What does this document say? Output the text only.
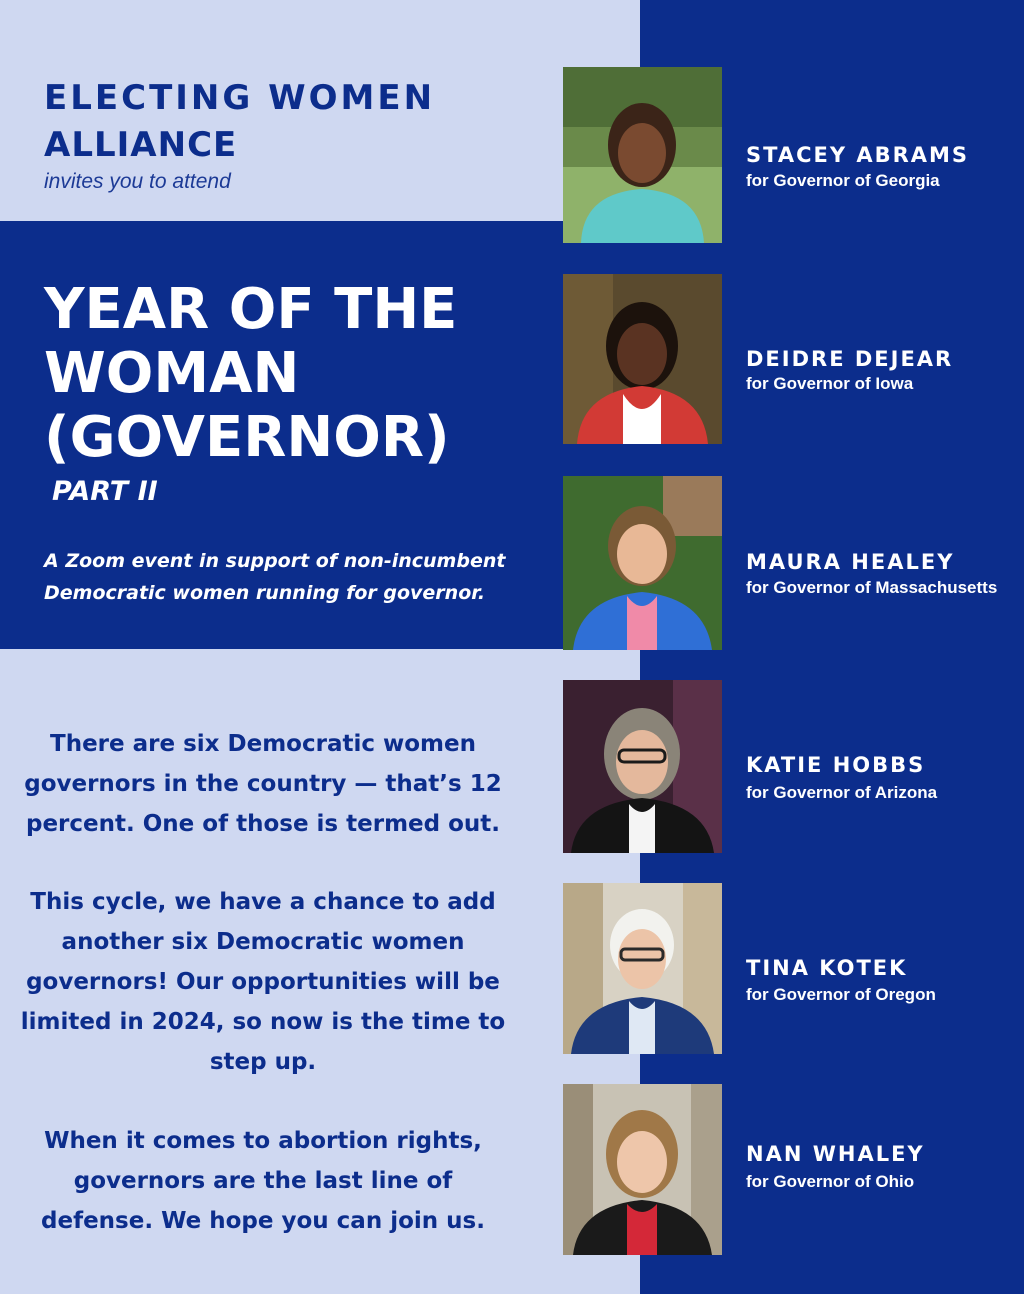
ELECTING WOMEN
ALLIANCE
invites you to attend
YEAR OF THE
WOMAN
(GOVERNOR)
PART II
A Zoom event in support of non-incumbent
Democratic women running for governor.
There are six Democratic women governors in the country — that’s 12 percent. One of those is termed out.
This cycle, we have a chance to add another six Democratic women governors! Our opportunities will be limited in 2024, so now is the time to step up.
When it comes to abortion rights, governors are the last line of defense. We hope you can join us.
STACEY ABRAMS
for Governor of Georgia
DEIDRE DEJEAR
for Governor of Iowa
MAURA HEALEY
for Governor of Massachusetts
KATIE HOBBS
for Governor of Arizona
TINA KOTEK
for Governor of Oregon
NAN WHALEY
for Governor of Ohio
